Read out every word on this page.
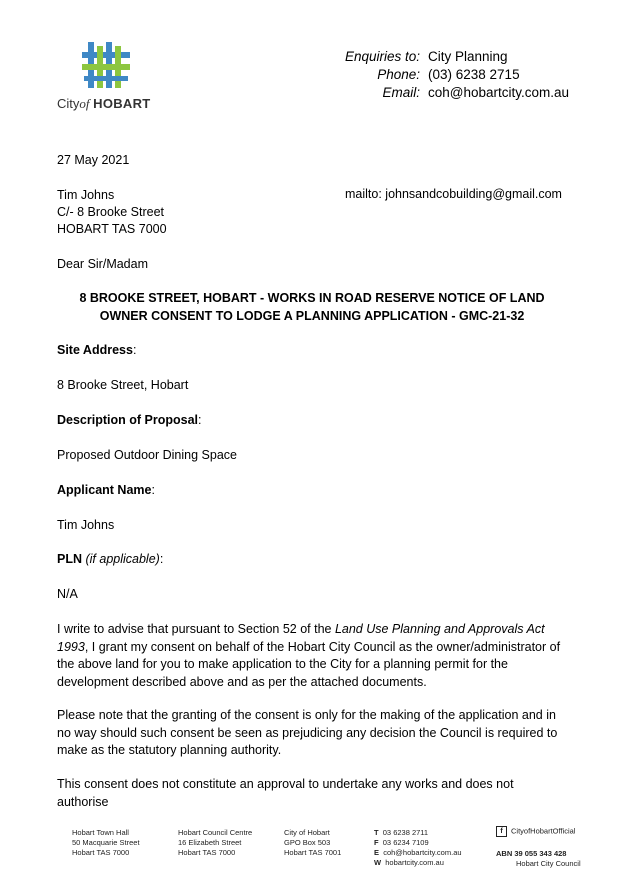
Cityof HOBART
Enquiries to: City Planning
Phone: (03) 6238 2715
Email: coh@hobartcity.com.au
27 May 2021
Tim Johns
C/- 8 Brooke Street
HOBART TAS 7000
mailto: johnsandcobuilding@gmail.com
Dear Sir/Madam
8 BROOKE STREET, HOBART - WORKS IN ROAD RESERVE NOTICE OF LAND
OWNER CONSENT TO LODGE A PLANNING APPLICATION - GMC-21-32
Site Address:
8 Brooke Street, Hobart
Description of Proposal:
Proposed Outdoor Dining Space
Applicant Name:
Tim Johns
PLN (if applicable):
N/A
I write to advise that pursuant to Section 52 of the Land Use Planning and Approvals Act 1993, I grant my consent on behalf of the Hobart City Council as the owner/administrator of the above land for you to make application to the City for a planning permit for the development described above and as per the attached documents.
Please note that the granting of the consent is only for the making of the application and in no way should such consent be seen as prejudicing any decision the Council is required to make as the statutory planning authority.
This consent does not constitute an approval to undertake any works and does not authorise
Hobart Town Hall
50 Macquarie Street
Hobart TAS 7000
Hobart Council Centre
16 Elizabeth Street
Hobart TAS 7000
City of Hobart
GPO Box 503
Hobart TAS 7001
T 03 6238 2711
F 03 6234 7109
E coh@hobartcity.com.au
W hobartcity.com.au
f CityofHobartOfficial
ABN 39 055 343 428
Hobart City Council
